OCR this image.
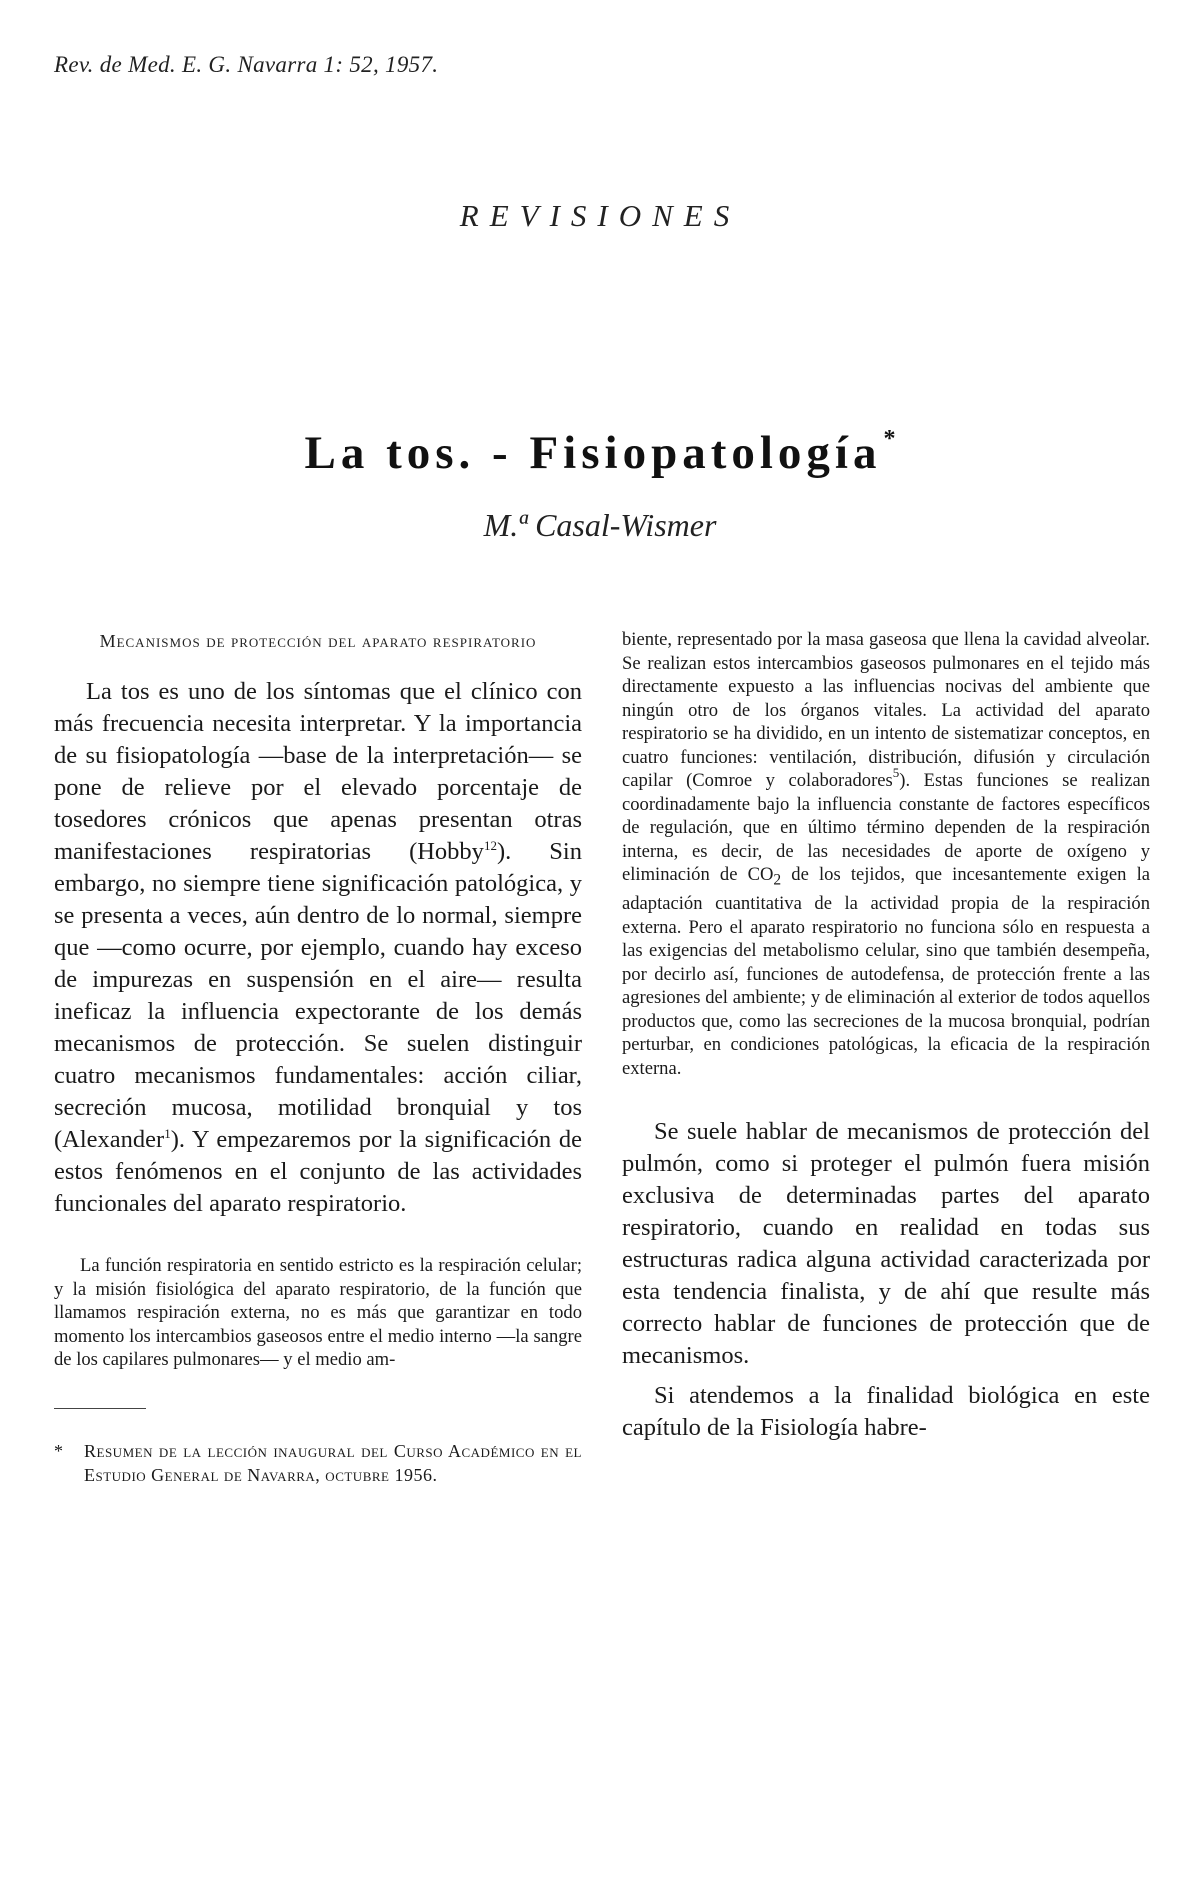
Rev. de Med. E. G. Navarra 1: 52, 1957.
REVISIONES
La tos. - Fisiopatología*
M.ª Casal-Wismer
Mecanismos de protección del aparato respiratorio

La tos es uno de los síntomas que el clínico con más frecuencia necesita interpretar. Y la importancia de su fisiopatología —base de la interpretación— se pone de relieve por el elevado porcentaje de tosedores crónicos que apenas presentan otras manifestaciones respiratorias (Hobby$^{12}$). Sin embargo, no siempre tiene significación patológica, y se presenta a veces, aún dentro de lo normal, siempre que —como ocurre, por ejemplo, cuando hay exceso de impurezas en suspensión en el aire— resulta ineficaz la influencia expectorante de los demás mecanismos de protección. Se suelen distinguir cuatro mecanismos fundamentales: acción ciliar, secreción mucosa, motilidad bronquial y tos (Alexander$^1$). Y empezaremos por la significación de estos fenómenos en el conjunto de las actividades funcionales del aparato respiratorio.

La función respiratoria en sentido estricto es la respiración celular; y la misión fisiológica del aparato respiratorio, de la función que llamamos respiración externa, no es más que garantizar en todo momento los intercambios gaseosos entre el medio interno —la sangre de los capilares pulmonares— y el medio am-

* Resumen de la lección inaugural del Curso Académico en el Estudio General de Navarra, octubre 1956.

biente, representado por la masa gaseosa que llena la cavidad alveolar. Se realizan estos intercambios gaseosos pulmonares en el tejido más directamente expuesto a las influencias nocivas del ambiente que ningún otro de los órganos vitales. La actividad del aparato respiratorio se ha dividido, en un intento de sistematizar conceptos, en cuatro funciones: ventilación, distribución, difusión y circulación capilar (Comroe y colaboradores$^5$). Estas funciones se realizan coordinadamente bajo la influencia constante de factores específicos de regulación, que en último término dependen de la respiración interna, es decir, de las necesidades de aporte de oxígeno y eliminación de $CO_2$ de los tejidos, que incesantemente exigen la adaptación cuantitativa de la actividad propia de la respiración externa. Pero el aparato respiratorio no funciona sólo en respuesta a las exigencias del metabolismo celular, sino que también desempeña, por decirlo así, funciones de autodefensa, de protección frente a las agresiones del ambiente; y de eliminación al exterior de todos aquellos productos que, como las secreciones de la mucosa bronquial, podrían perturbar, en condiciones patológicas, la eficacia de la respiración externa.

Se suele hablar de mecanismos de protección del pulmón, como si proteger el pulmón fuera misión exclusiva de determinadas partes del aparato respiratorio, cuando en realidad en todas sus estructuras radica alguna actividad caracterizada por esta tendencia finalista, y de ahí que resulte más correcto hablar de funciones de protección que de mecanismos.

Si atendemos a la finalidad biológica en este capítulo de la Fisiología habre-
